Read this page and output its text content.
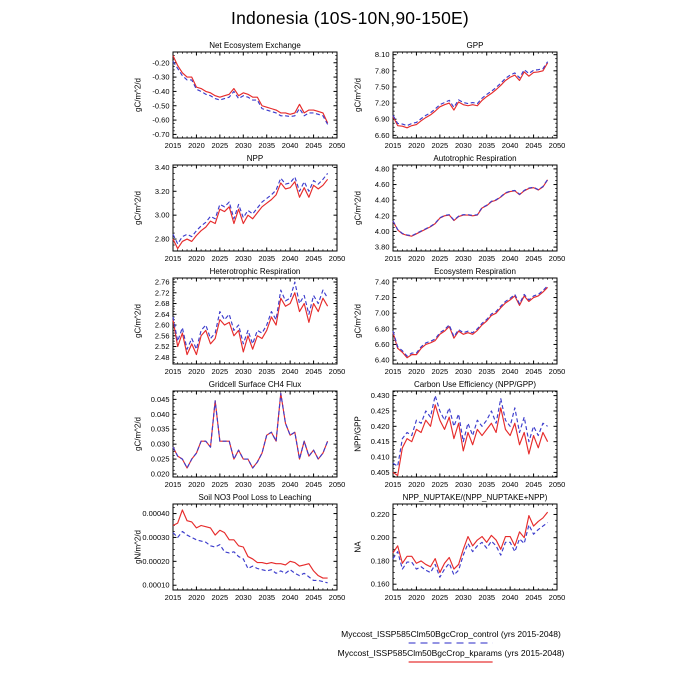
Indonesia (10S-10N,90-150E)
Net Ecosystem Exchange
gC/m^2/d
2015 2020 2025 2030 2035 2040 2045 2050
-0.70
-0.60
-0.50
-0.40
-0.30
-0.20
GPP
gC/m^2/d
2015 2020 2025 2030 2035 2040 2045 2050
6.60
6.90
7.20
7.50
7.80
8.10
NPP
gC/m^2/d
2015 2020 2025 2030 2035 2040 2045 2050
2.80
3.00
3.20
3.40
Autotrophic Respiration
gC/m^2/d
2015 2020 2025 2030 2035 2040 2045 2050
3.80
4.00
4.20
4.40
4.60
4.80
Heterotrophic Respiration
gC/m^2/d
2015 2020 2025 2030 2035 2040 2045 2050
2.48
2.52
2.56
2.60
2.64
2.68
2.72
2.76
Ecosystem Respiration
gC/m^2/d
2015 2020 2025 2030 2035 2040 2045 2050
6.40
6.60
6.80
7.00
7.20
7.40
Gridcell Surface CH4 Flux
gC/m^2/d
2015 2020 2025 2030 2035 2040 2045 2050
0.020
0.025
0.030
0.035
0.040
0.045
Carbon Use Efficiency (NPP/GPP)
NPP/GPP
2015 2020 2025 2030 2035 2040 2045 2050
0.405
0.410
0.415
0.420
0.425
0.430
Soil NO3 Pool Loss to Leaching
gN/m^2/d
2015 2020 2025 2030 2035 2040 2045 2050
0.00010
0.00020
0.00030
0.00040
NPP_NUPTAKE/(NPP_NUPTAKE+NPP)
NA
2015 2020 2025 2030 2035 2040 2045 2050
0.160
0.180
0.200
0.220
Myccost_ISSP585Clm50BgcCrop_control (yrs 2015-2048)
Myccost_ISSP585Clm50BgcCrop_kparams (yrs 2015-2048)
